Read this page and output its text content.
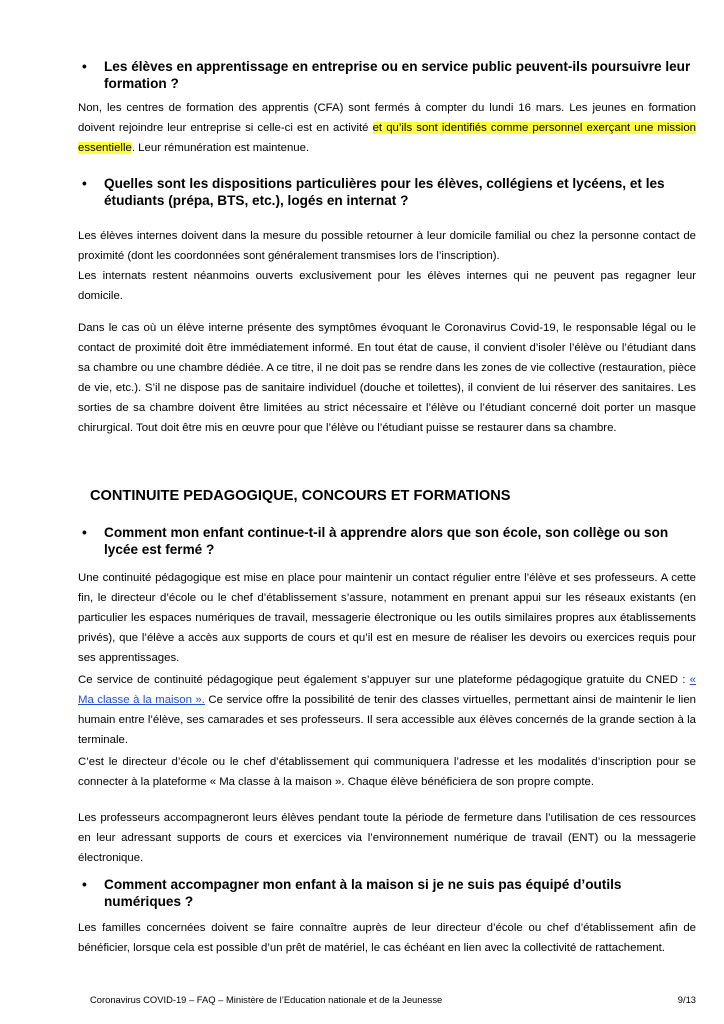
• Les élèves en apprentissage en entreprise ou en service public peuvent-ils poursuivre leur formation ?
Non, les centres de formation des apprentis (CFA) sont fermés à compter du lundi 16 mars. Les jeunes en formation doivent rejoindre leur entreprise si celle-ci est en activité et qu’ils sont identifiés comme personnel exerçant une mission essentielle. Leur rémunération est maintenue.
• Quelles sont les dispositions particulières pour les élèves, collégiens et lycéens, et les étudiants (prépa, BTS, etc.), logés en internat ?
Les élèves internes doivent dans la mesure du possible retourner à leur domicile familial ou chez la personne contact de proximité (dont les coordonnées sont généralement transmises lors de l’inscription).
Les internats restent néanmoins ouverts exclusivement pour les élèves internes qui ne peuvent pas regagner leur domicile.
Dans le cas où un élève interne présente des symptômes évoquant le Coronavirus Covid-19, le responsable légal ou le contact de proximité doit être immédiatement informé. En tout état de cause, il convient d’isoler l’élève ou l’étudiant dans sa chambre ou une chambre dédiée. A ce titre, il ne doit pas se rendre dans les zones de vie collective (restauration, pièce de vie, etc.). S’il ne dispose pas de sanitaire individuel (douche et toilettes), il convient de lui réserver des sanitaires. Les sorties de sa chambre doivent être limitées au strict nécessaire et l’élève ou l’étudiant concerné doit porter un masque chirurgical. Tout doit être mis en œuvre pour que l’élève ou l’étudiant puisse se restaurer dans sa chambre.
CONTINUITE PEDAGOGIQUE, CONCOURS ET FORMATIONS
• Comment mon enfant continue-t-il à apprendre alors que son école, son collège ou son lycée est fermé ?
Une continuité pédagogique est mise en place pour maintenir un contact régulier entre l’élève et ses professeurs. A cette fin, le directeur d’école ou le chef d’établissement s’assure, notamment en prenant appui sur les réseaux existants (en particulier les espaces numériques de travail, messagerie électronique ou les outils similaires propres aux établissements privés), que l’élève a accès aux supports de cours et qu’il est en mesure de réaliser les devoirs ou exercices requis pour ses apprentissages.
Ce service de continuité pédagogique peut également s’appuyer sur une plateforme pédagogique gratuite du CNED : « Ma classe à la maison ». Ce service offre la possibilité de tenir des classes virtuelles, permettant ainsi de maintenir le lien humain entre l’élève, ses camarades et ses professeurs. Il sera accessible aux élèves concernés de la grande section à la terminale.
C’est le directeur d’école ou le chef d’établissement qui communiquera l’adresse et les modalités d’inscription pour se connecter à la plateforme « Ma classe à la maison ». Chaque élève bénéficiera de son propre compte.
Les professeurs accompagneront leurs élèves pendant toute la période de fermeture dans l’utilisation de ces ressources en leur adressant supports de cours et exercices via l’environnement numérique de travail (ENT) ou la messagerie électronique.
• Comment accompagner mon enfant à la maison si je ne suis pas équipé d’outils numériques ?
Les familles concernées doivent se faire connaître auprès de leur directeur d’école ou chef d’établissement afin de bénéficier, lorsque cela est possible d’un prêt de matériel, le cas échéant en lien avec la collectivité de rattachement.
Coronavirus COVID-19 – FAQ – Ministère de l’Education nationale et de la Jeunesse	9/13
